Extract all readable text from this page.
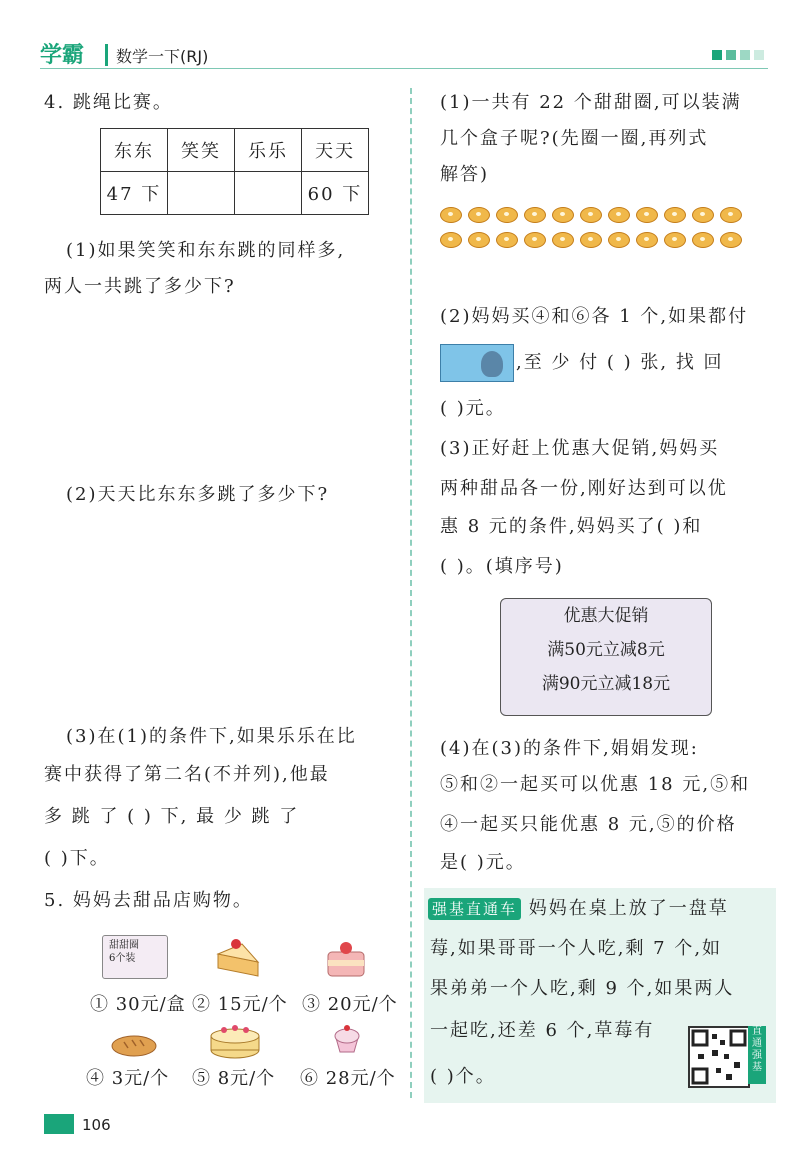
学霸 数学一下(RJ)
4. 跳绳比赛。
东东	笑笑	乐乐	天天
47 下			60 下
(1)如果笑笑和东东跳的同样多,
两人一共跳了多少下?
(2)天天比东东多跳了多少下?
(3)在(1)的条件下,如果乐乐在比
赛中获得了第二名(不并列),他最
多 跳 了 ( ) 下, 最 少 跳 了
( )下。
5. 妈妈去甜品店购物。
甜甜圈
6个装
① 30元/盒 ② 15元/个 ③ 20元/个
④ 3元/个 ⑤ 8元/个 ⑥ 28元/个
(1)一共有 22 个甜甜圈,可以装满
几个盒子呢?(先圈一圈,再列式
解答)
(2)妈妈买④和⑥各 1 个,如果都付
,至 少 付 ( ) 张, 找 回
( )元。
(3)正好赶上优惠大促销,妈妈买
两种甜品各一份,刚好达到可以优
惠 8 元的条件,妈妈买了( )和
( )。(填序号)
优惠大促销
满50元立减8元
满90元立减18元
(4)在(3)的条件下,娟娟发现:
⑤和②一起买可以优惠 18 元,⑤和
④一起买只能优惠 8 元,⑤的价格
是( )元。
强基直通车 妈妈在桌上放了一盘草
莓,如果哥哥一个人吃,剩 7 个,如
果弟弟一个人吃,剩 9 个,如果两人
一起吃,还差 6 个,草莓有
( )个。
直通强基
106
